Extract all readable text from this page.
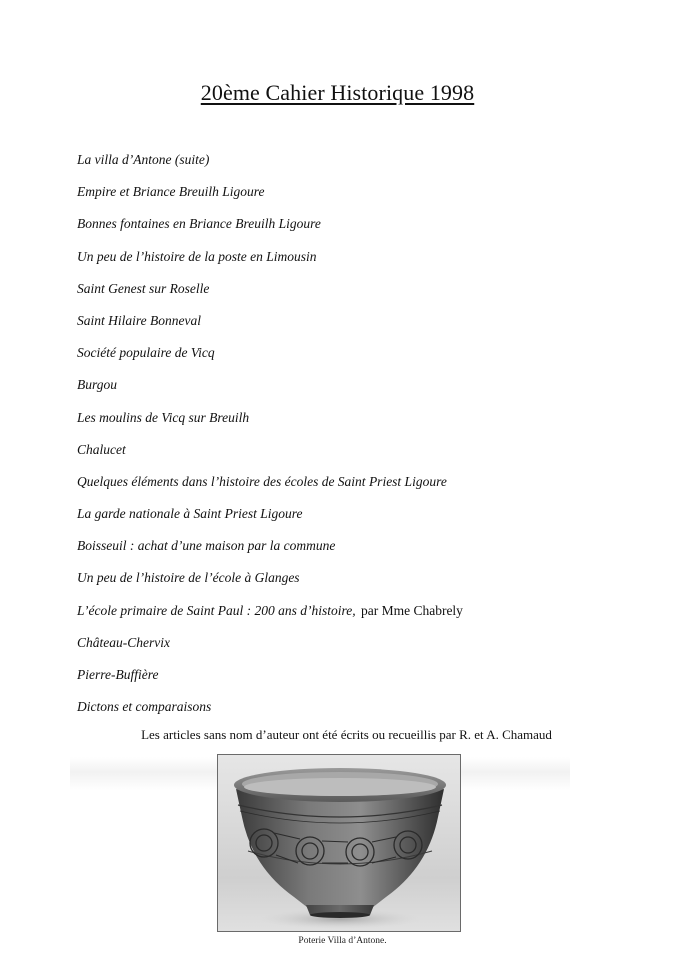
20ème Cahier Historique 1998
La villa d’Antone (suite)
Empire et Briance Breuilh Ligoure
Bonnes fontaines en Briance Breuilh Ligoure
Un peu de l’histoire de la poste en Limousin
Saint Genest sur Roselle
Saint Hilaire Bonneval
Société populaire de Vicq
Burgou
Les moulins de Vicq sur Breuilh
Chalucet
Quelques éléments dans l’histoire des écoles de Saint Priest Ligoure
La garde nationale à Saint Priest Ligoure
Boisseuil : achat d’une maison par la commune
Un peu de l’histoire de l’école à Glanges
L’école primaire de Saint Paul : 200 ans d’histoire, par Mme Chabrely
Château-Chervix
Pierre-Buffière
Dictons et comparaisons

Les articles sans nom d’auteur ont été écrits ou recueillis par R. et A. Chamaud

Poterie Villa d’Antone.
